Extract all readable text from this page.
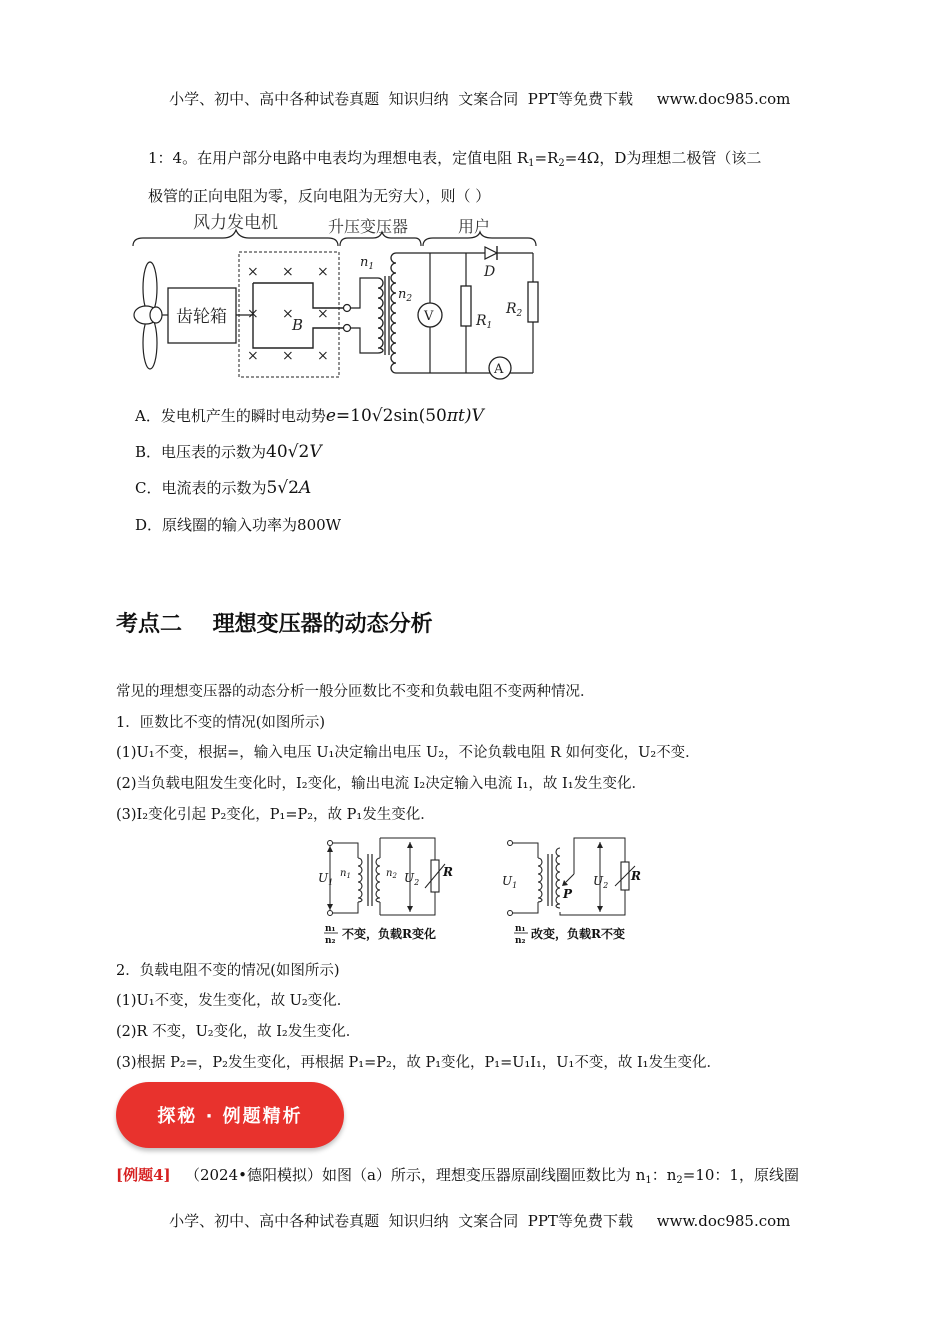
小学、初中、高中各种试卷真题  知识归纳  文案合同  PPT等免费下载 www.doc985.com

1：4。在用户部分电路中电表均为理想电表，定值电阻 $R_1=R_2=4\Omega$，D为理想二极管（该二
极管的正向电阻为零，反向电阻为无穷大），则（ ）
风力发电机	升压变压器	用户
齿轮箱
× × ×
× × ×
× × ×
B
$n_1$
$n_2$
V	$R_1$
D
$R_2$
A
A．发电机产生的瞬时电动势e=10√2sin(50πt)V
B．电压表的示数为40√2V
C．电流表的示数为5√2A
D．原线圈的输入功率为800W
考点二    理想变压器的动态分析
常见的理想变压器的动态分析一般分匝数比不变和负载电阻不变两种情况．
1．匝数比不变的情况(如图所示)
(1)U₁不变，根据=，输入电压 U₁决定输出电压 U₂，不论负载电阻 R 如何变化，U₂不变．
(2)当负载电阻发生变化时，I₂变化，输出电流 I₂决定输入电流 I₁，故 I₁发生变化．
(3)I₂变化引起 P₂变化，P₁=P₂，故 P₁发生变化．
$U_1$
$n_1$	$n_2$ $U_2$
R
n₁
n₂ 不变，负载R变化
$U_1$
P
$U_2$
R
n₁
n₂ 改变，负载R不变
2．负载电阻不变的情况(如图所示)
(1)U₁不变，发生变化，故 U₂变化．
(2)R 不变，U₂变化，故 I₂发生变化．
(3)根据 P₂=，P₂发生变化，再根据 P₁=P₂，故 P₁变化，P₁=U₁I₁，U₁不变，故 I₁发生变化．
探秘 · 例题精析
[例题4] （2024•德阳模拟）如图（a）所示，理想变压器原副线圈匝数比为 $n_1$：$n_2=10$：1，原线圈

小学、初中、高中各种试卷真题  知识归纳  文案合同  PPT等免费下载 www.doc985.com
